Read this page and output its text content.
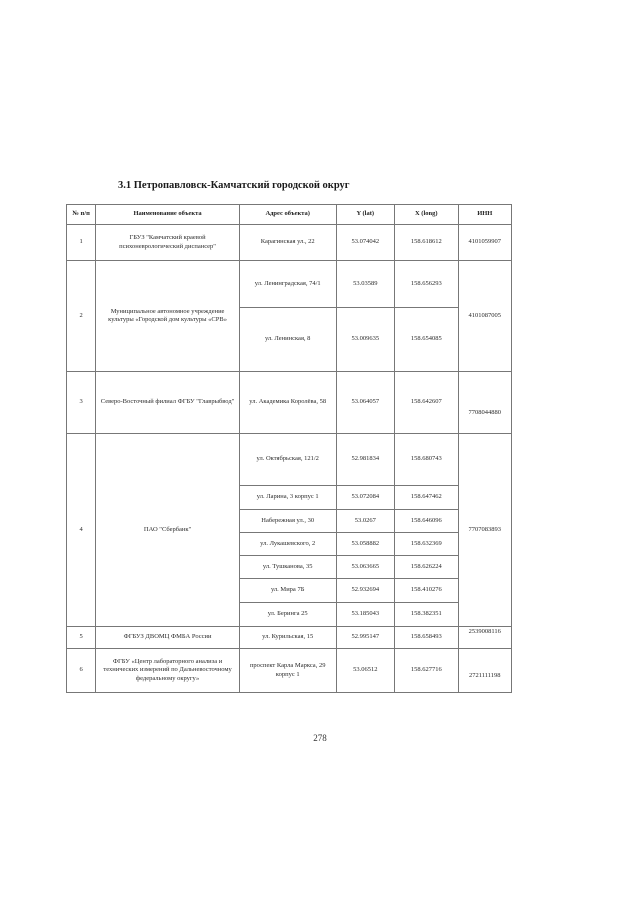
3.1 Петропавловск-Камчатский городской округ
№ п/п	Наименование объекта	Адрес объекта)	Y (lat)	X (long)	ИНН
1	ГБУЗ "Камчатский краевой психоневрологический диспансер"	Карагинская ул., 22	53.074042	158.618612	4101059907
2	Муниципальное автономное учреждение культуры «Городской дом культуры «СРВ»	ул. Ленинградская, 74/1	53.03589	158.656293	4101087005
		ул. Ленинская, 8	53.009635	158.654085	
3	Северо-Восточный филиал ФГБУ "Главрыбвод"	ул. Академика Королёва, 58	53.064057	158.642607	7708044880
4	ПАО "Сбербанк"	ул. Октябрьская, 121/2	52.981834	158.680743	7707083893
		ул. Ларина, 3 корпус 1	53.072084	158.647462	
		Набережная ул., 30	53.0267	158.646096	
		ул. Лукашевского, 2	53.058882	158.632369	
		ул. Тушканова, 35	53.063665	158.626224	
		ул. Мира 7Б	52.932694	158.410276	
		ул. Беринга 25	53.185043	158.382351	
5	ФГБУЗ ДВОМЦ ФМБА России	ул. Курильская, 15	52.995147	158.658493	2539008116
6	ФГБУ «Центр лабораторного анализа и технических измерений по Дальневосточному федеральному округу»	проспект Карла Маркса, 29 корпус 1	53.06512	158.627716	2721111198
278
